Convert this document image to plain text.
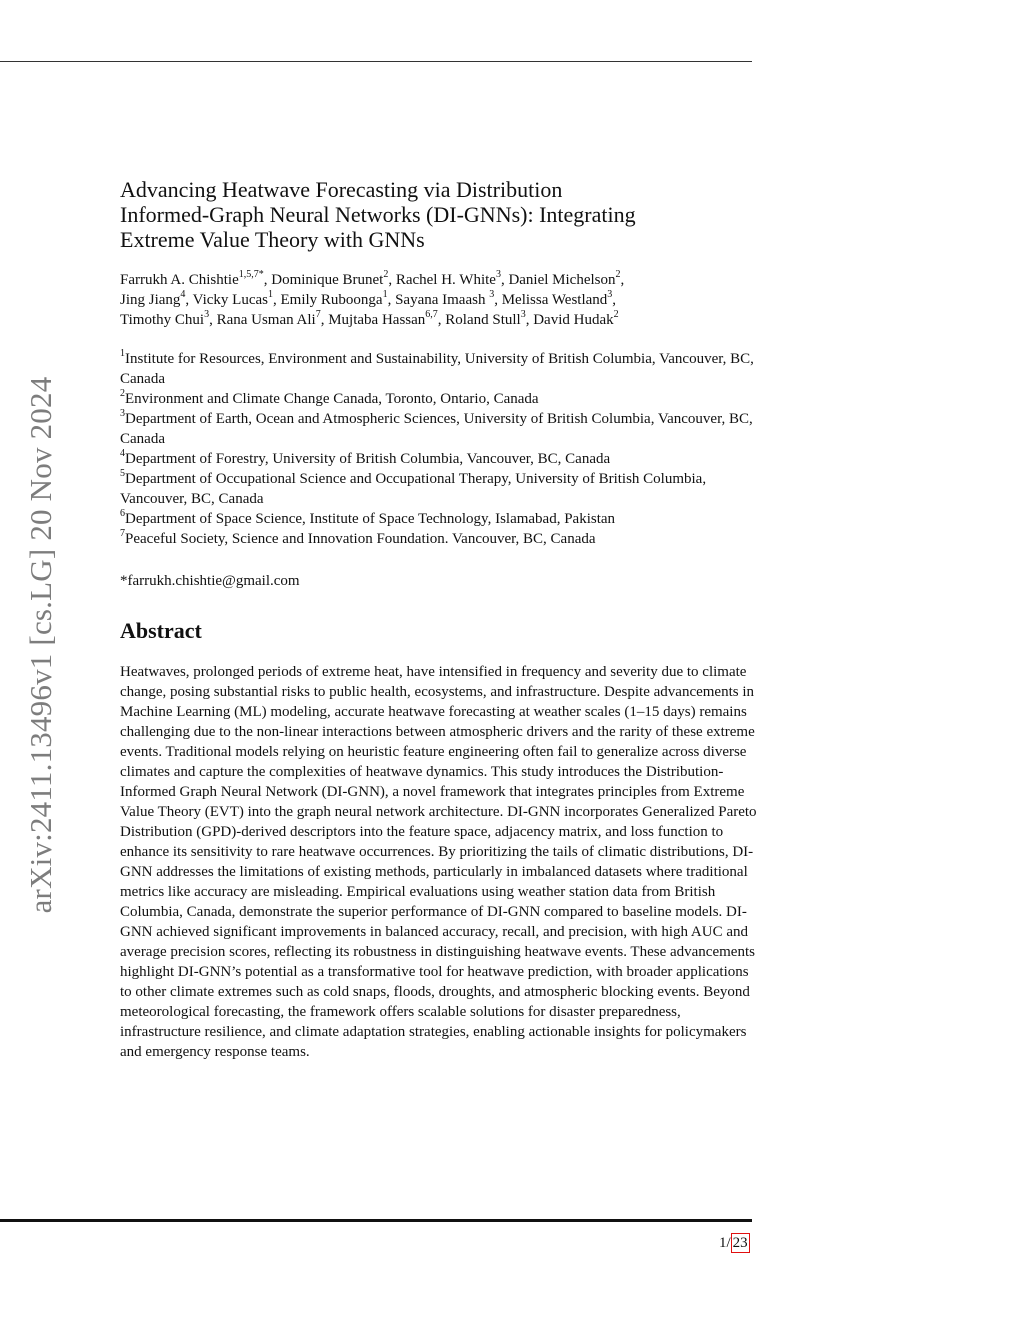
arXiv:2411.13496v1 [cs.LG] 20 Nov 2024
Advancing Heatwave Forecasting via Distribution
Informed-Graph Neural Networks (DI-GNNs): Integrating
Extreme Value Theory with GNNs
Farrukh A. Chishtie$^{1,5,7*}$, Dominique Brunet$^2$, Rachel H. White$^3$, Daniel Michelson$^2$,
Jing Jiang$^4$, Vicky Lucas$^1$, Emily Ruboonga$^1$, Sayana Imaash $^3$, Melissa Westland$^3$,
Timothy Chui$^3$, Rana Usman Ali$^7$, Mujtaba Hassan$^{6,7}$, Roland Stull$^3$, David Hudak$^2$
$^1$Institute for Resources, Environment and Sustainability, University of British Columbia, Vancouver, BC, Canada
$^2$Environment and Climate Change Canada, Toronto, Ontario, Canada
$^3$Department of Earth, Ocean and Atmospheric Sciences, University of British Columbia, Vancouver, BC, Canada
$^4$Department of Forestry, University of British Columbia, Vancouver, BC, Canada
$^5$Department of Occupational Science and Occupational Therapy, University of British Columbia, Vancouver, BC, Canada
$^6$Department of Space Science, Institute of Space Technology, Islamabad, Pakistan
$^7$Peaceful Society, Science and Innovation Foundation. Vancouver, BC, Canada
*farrukh.chishtie@gmail.com
Abstract

Heatwaves, prolonged periods of extreme heat, have intensified in frequency and severity due to climate change, posing substantial risks to public health, ecosystems, and infrastructure. Despite advancements in Machine Learning (ML) modeling, accurate heatwave forecasting at weather scales (1–15 days) remains challenging due to the non-linear interactions between atmospheric drivers and the rarity of these extreme events. Traditional models relying on heuristic feature engineering often fail to generalize across diverse climates and capture the complexities of heatwave dynamics. This study introduces the Distribution-Informed Graph Neural Network (DI-GNN), a novel framework that integrates principles from Extreme Value Theory (EVT) into the graph neural network architecture. DI-GNN incorporates Generalized Pareto Distribution (GPD)-derived descriptors into the feature space, adjacency matrix, and loss function to enhance its sensitivity to rare heatwave occurrences. By prioritizing the tails of climatic distributions, DI-GNN addresses the limitations of existing methods, particularly in imbalanced datasets where traditional metrics like accuracy are misleading. Empirical evaluations using weather station data from British Columbia, Canada, demonstrate the superior performance of DI-GNN compared to baseline models. DI-GNN achieved significant improvements in balanced accuracy, recall, and precision, with high AUC and average precision scores, reflecting its robustness in distinguishing heatwave events. These advancements highlight DI-GNN’s potential as a transformative tool for heatwave prediction, with broader applications to other climate extremes such as cold snaps, floods, droughts, and atmospheric blocking events. Beyond meteorological forecasting, the framework offers scalable solutions for disaster preparedness, infrastructure resilience, and climate adaptation strategies, enabling actionable insights for policymakers and emergency response teams.

1/ 23
